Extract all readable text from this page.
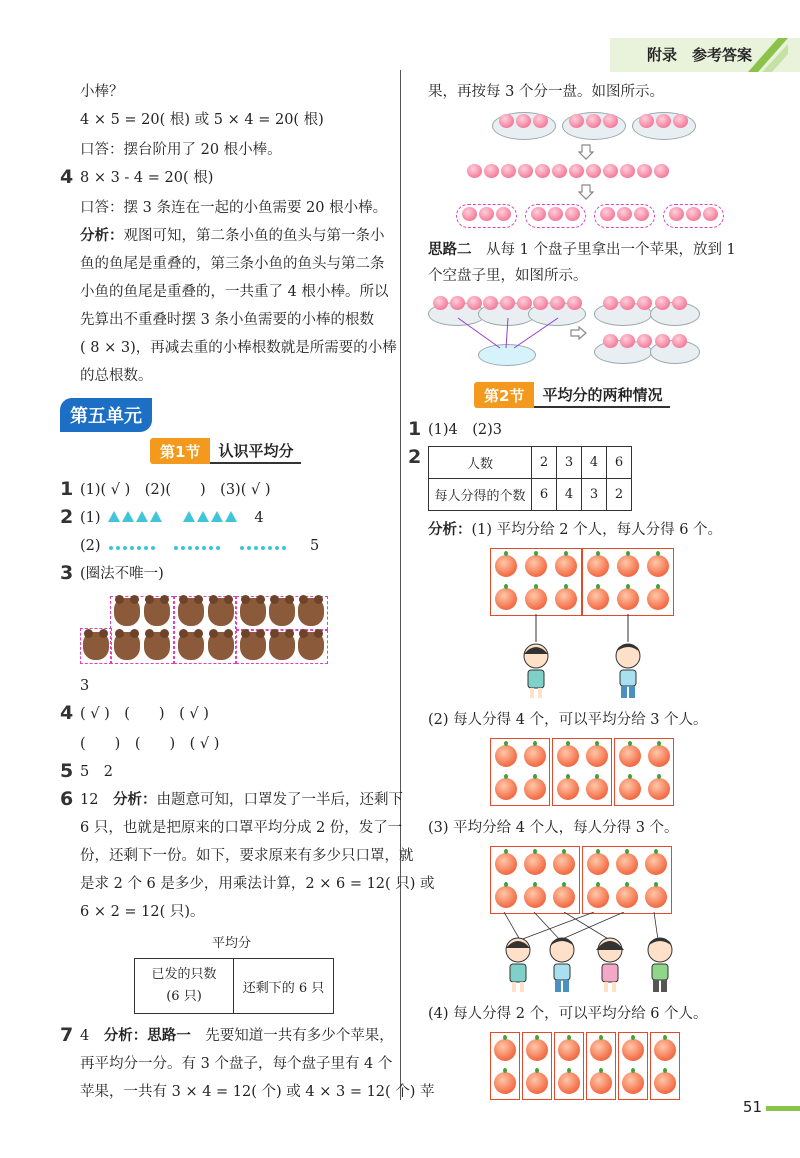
附录　参考答案
小棒？
4 × 5 = 20( 根) 或 5 × 4 = 20( 根)
口答：摆台阶用了 20 根小棒。
4 8 × 3 - 4 = 20( 根)
口答：摆 3 条连在一起的小鱼需要 20 根小棒。
分析：观图可知，第二条小鱼的鱼头与第一条小
鱼的鱼尾是重叠的，第三条小鱼的鱼头与第二条
小鱼的鱼尾是重叠的，一共重了 4 根小棒。所以
先算出不重叠时摆 3 条小鱼需要的小棒的根数
( 8 × 3)，再减去重的小棒根数就是所需要的小棒
的总根数。
第五单元
第1节	认识平均分
1 (1)( √ )　(2)(　　)　(3)( √ )
2 (1)	4
(2)	5
3 (圈法不唯一)
3
4 ( √ )　(　　)　( √ )
(　　)　(　　)　( √ )
5 5　2
6 12　 分析：由题意可知，口罩发了一半后，还剩下
6 只，也就是把原来的口罩平均分成 2 份，发了一
份，还剩下一份。如下，要求原来有多少只口罩，就
是求 2 个 6 是多少，用乘法计算，2 × 6 = 12( 只) 或
6 × 2 = 12( 只)。
平均分
已发的只数
(6 只)
	还剩下的 6 只
7 4　 分析：思路一　 先要知道一共有多少个苹果，
再平均分一分。有 3 个盘子，每个盘子里有 4 个
苹果，一共有 3 × 4 = 12( 个) 或 4 × 3 = 12( 个) 苹
果，再按每 3 个分一盘。如图所示。
思路二　 从每 1 个盘子里拿出一个苹果，放到 1
个空盘子里，如图所示。
第2节	平均分的两种情况
1 (1)4　(2)3
2	人数	2	3	4	6
每人分得的个数	6	4	3	2
分析：(1) 平均分给 2 个人，每人分得 6 个。
(2) 每人分得 4 个，可以平均分给 3 个人。
(3) 平均分给 4 个人，每人分得 3 个。
(4) 每人分得 2 个，可以平均分给 6 个人。
51
